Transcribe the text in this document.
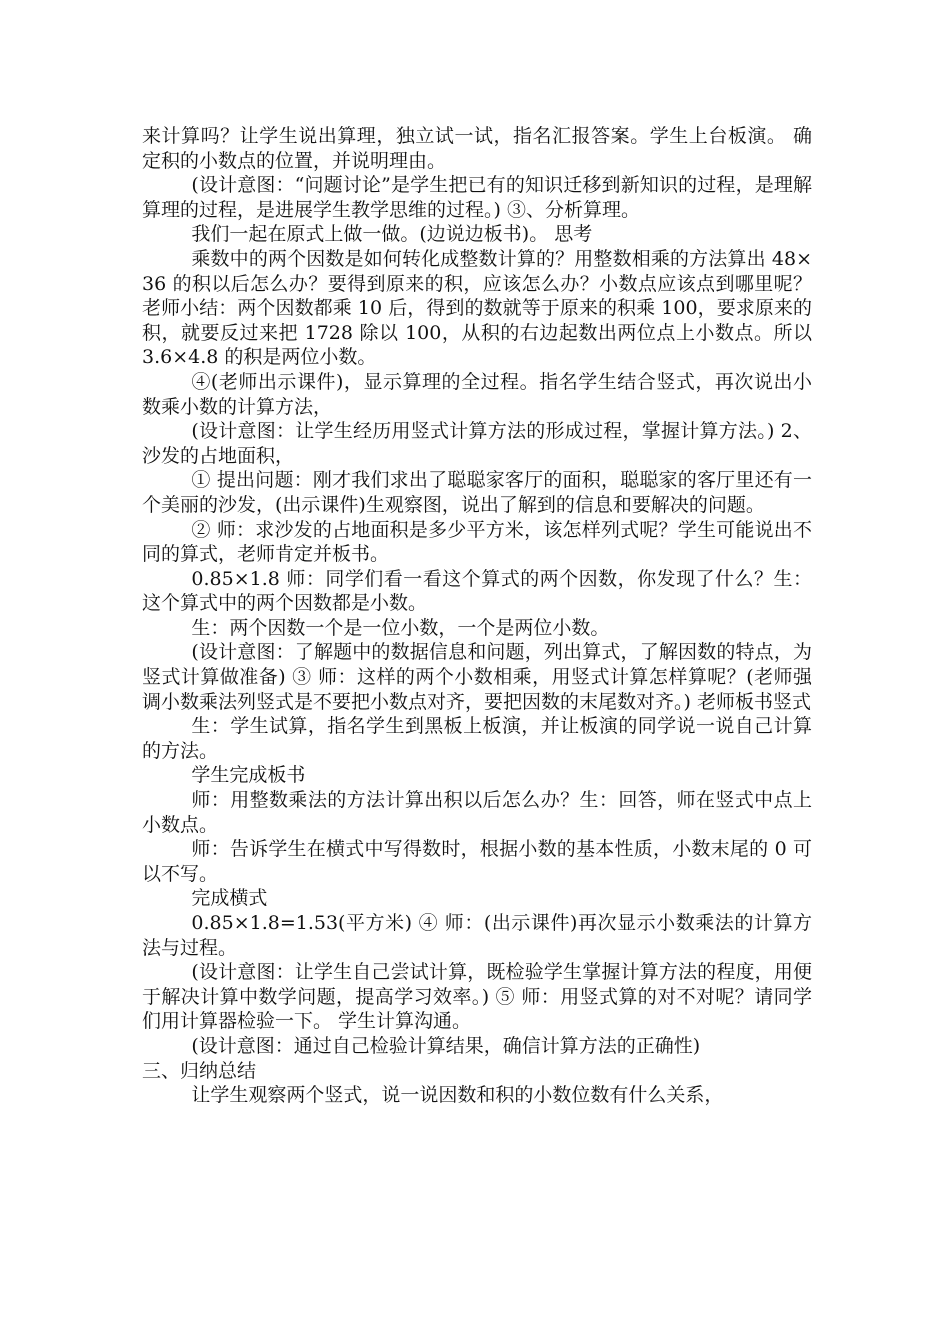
来计算吗？让学生说出算理，独立试一试，指名汇报答案。学生上台板演。 确定积的小数点的位置，并说明理由。

(设计意图：“问题讨论”是学生把已有的知识迁移到新知识的过程，是理解算理的过程，是进展学生教学思维的过程。) ③、分析算理。

我们一起在原式上做一做。(边说边板书)。 思考

乘数中的两个因数是如何转化成整数计算的？用整数相乘的方法算出 48×36 的积以后怎么办？要得到原来的积，应该怎么办？小数点应该点到哪里呢？老师小结：两个因数都乘 10 后，得到的数就等于原来的积乘 100，要求原来的积，就要反过来把 1728 除以 100，从积的右边起数出两位点上小数点。所以 3.6×4.8 的积是两位小数。

④(老师出示课件)，显示算理的全过程。指名学生结合竖式，再次说出小数乘小数的计算方法，

(设计意图：让学生经历用竖式计算方法的形成过程，掌握计算方法。) 2、沙发的占地面积，

① 提出问题：刚才我们求出了聪聪家客厅的面积，聪聪家的客厅里还有一个美丽的沙发，(出示课件)生观察图，说出了解到的信息和要解决的问题。

② 师：求沙发的占地面积是多少平方米，该怎样列式呢？学生可能说出不同的算式，老师肯定并板书。

0.85×1.8 师：同学们看一看这个算式的两个因数，你发现了什么？生：这个算式中的两个因数都是小数。

生：两个因数一个是一位小数，一个是两位小数。

(设计意图：了解题中的数据信息和问题，列出算式，了解因数的特点，为竖式计算做准备) ③ 师：这样的两个小数相乘，用竖式计算怎样算呢？(老师强调小数乘法列竖式是不要把小数点对齐，要把因数的末尾数对齐。) 老师板书竖式

生：学生试算，指名学生到黑板上板演，并让板演的同学说一说自己计算的方法。

学生完成板书

师：用整数乘法的方法计算出积以后怎么办？生：回答，师在竖式中点上小数点。

师：告诉学生在横式中写得数时，根据小数的基本性质，小数末尾的 0 可以不写。

完成横式

0.85×1.8=1.53(平方米) ④ 师：(出示课件)再次显示小数乘法的计算方法与过程。

(设计意图：让学生自己尝试计算，既检验学生掌握计算方法的程度，用便于解决计算中数学问题，提高学习效率。) ⑤ 师：用竖式算的对不对呢？请同学们用计算器检验一下。 学生计算沟通。

(设计意图：通过自己检验计算结果，确信计算方法的正确性)

三、归纳总结

让学生观察两个竖式，说一说因数和积的小数位数有什么关系，
